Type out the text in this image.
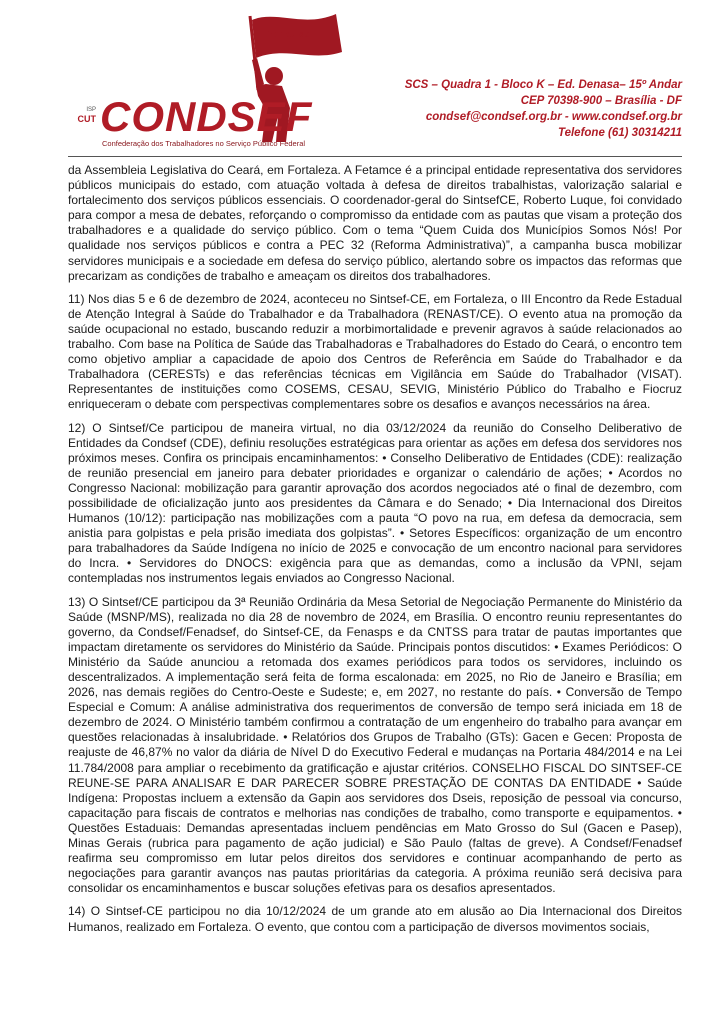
Fenadsef
ISP
CUT CONDSEF
Confederação dos Trabalhadores no Serviço Público Federal
SCS – Quadra 1 - Bloco K – Ed. Denasa– 15º Andar
CEP 70398-900 – Brasília - DF
condsef@condsef.org.br - www.condsef.org.br
Telefone (61) 30314211

da Assembleia Legislativa do Ceará, em Fortaleza. A Fetamce é a principal entidade representativa dos servidores públicos municipais do estado, com atuação voltada à defesa de direitos trabalhistas, valorização salarial e fortalecimento dos serviços públicos essenciais. O coordenador-geral do SintsefCE, Roberto Luque, foi convidado para compor a mesa de debates, reforçando o compromisso da entidade com as pautas que visam a proteção dos trabalhadores e a qualidade do serviço público. Com o tema “Quem Cuida dos Municípios Somos Nós! Por qualidade nos serviços públicos e contra a PEC 32 (Reforma Administrativa)”, a campanha busca mobilizar servidores municipais e a sociedade em defesa do serviço público, alertando sobre os impactos das reformas que precarizam as condições de trabalho e ameaçam os direitos dos trabalhadores.

11) Nos dias 5 e 6 de dezembro de 2024, aconteceu no Sintsef-CE, em Fortaleza, o III Encontro da Rede Estadual de Atenção Integral à Saúde do Trabalhador e da Trabalhadora (RENAST/CE). O evento atua na promoção da saúde ocupacional no estado, buscando reduzir a morbimortalidade e prevenir agravos à saúde relacionados ao trabalho. Com base na Política de Saúde das Trabalhadoras e Trabalhadores do Estado do Ceará, o encontro tem como objetivo ampliar a capacidade de apoio dos Centros de Referência em Saúde do Trabalhador e da Trabalhadora (CERESTs) e das referências técnicas em Vigilância em Saúde do Trabalhador (VISAT). Representantes de instituições como COSEMS, CESAU, SEVIG, Ministério Público do Trabalho e Fiocruz enriqueceram o debate com perspectivas complementares sobre os desafios e avanços necessários na área.

12) O Sintsef/Ce participou de maneira virtual, no dia 03/12/2024 da reunião do Conselho Deliberativo de Entidades da Condsef (CDE), definiu resoluções estratégicas para orientar as ações em defesa dos servidores nos próximos meses. Confira os principais encaminhamentos: • Conselho Deliberativo de Entidades (CDE): realização de reunião presencial em janeiro para debater prioridades e organizar o calendário de ações; • Acordos no Congresso Nacional: mobilização para garantir aprovação dos acordos negociados até o final de dezembro, com possibilidade de oficialização junto aos presidentes da Câmara e do Senado; • Dia Internacional dos Direitos Humanos (10/12): participação nas mobilizações com a pauta “O povo na rua, em defesa da democracia, sem anistia para golpistas e pela prisão imediata dos golpistas”. • Setores Específicos: organização de um encontro para trabalhadores da Saúde Indígena no início de 2025 e convocação de um encontro nacional para servidores do Incra. • Servidores do DNOCS: exigência para que as demandas, como a inclusão da VPNI, sejam contempladas nos instrumentos legais enviados ao Congresso Nacional.

13) O Sintsef/CE participou da 3ª Reunião Ordinária da Mesa Setorial de Negociação Permanente do Ministério da Saúde (MSNP/MS), realizada no dia 28 de novembro de 2024, em Brasília. O encontro reuniu representantes do governo, da Condsef/Fenadsef, do Sintsef-CE, da Fenasps e da CNTSS para tratar de pautas importantes que impactam diretamente os servidores do Ministério da Saúde. Principais pontos discutidos: • Exames Periódicos: O Ministério da Saúde anunciou a retomada dos exames periódicos para todos os servidores, incluindo os descentralizados. A implementação será feita de forma escalonada: em 2025, no Rio de Janeiro e Brasília; em 2026, nas demais regiões do Centro-Oeste e Sudeste; e, em 2027, no restante do país. • Conversão de Tempo Especial e Comum: A análise administrativa dos requerimentos de conversão de tempo será iniciada em 18 de dezembro de 2024. O Ministério também confirmou a contratação de um engenheiro do trabalho para avançar em questões relacionadas à insalubridade. • Relatórios dos Grupos de Trabalho (GTs): Gacen e Gecen: Proposta de reajuste de 46,87% no valor da diária de Nível D do Executivo Federal e mudanças na Portaria 484/2014 e na Lei 11.784/2008 para ampliar o recebimento da gratificação e ajustar critérios. CONSELHO FISCAL DO SINTSEF-CE REUNE-SE PARA ANALISAR E DAR PARECER SOBRE PRESTAÇÃO DE CONTAS DA ENTIDADE • Saúde Indígena: Propostas incluem a extensão da Gapin aos servidores dos Dseis, reposição de pessoal via concurso, capacitação para fiscais de contratos e melhorias nas condições de trabalho, como transporte e equipamentos. • Questões Estaduais: Demandas apresentadas incluem pendências em Mato Grosso do Sul (Gacen e Pasep), Minas Gerais (rubrica para pagamento de ação judicial) e São Paulo (faltas de greve). A Condsef/Fenadsef reafirma seu compromisso em lutar pelos direitos dos servidores e continuar acompanhando de perto as negociações para garantir avanços nas pautas prioritárias da categoria. A próxima reunião será decisiva para consolidar os encaminhamentos e buscar soluções efetivas para os desafios apresentados.

14) O Sintsef-CE participou no dia 10/12/2024 de um grande ato em alusão ao Dia Internacional dos Direitos Humanos, realizado em Fortaleza. O evento, que contou com a participação de diversos movimentos sociais,
